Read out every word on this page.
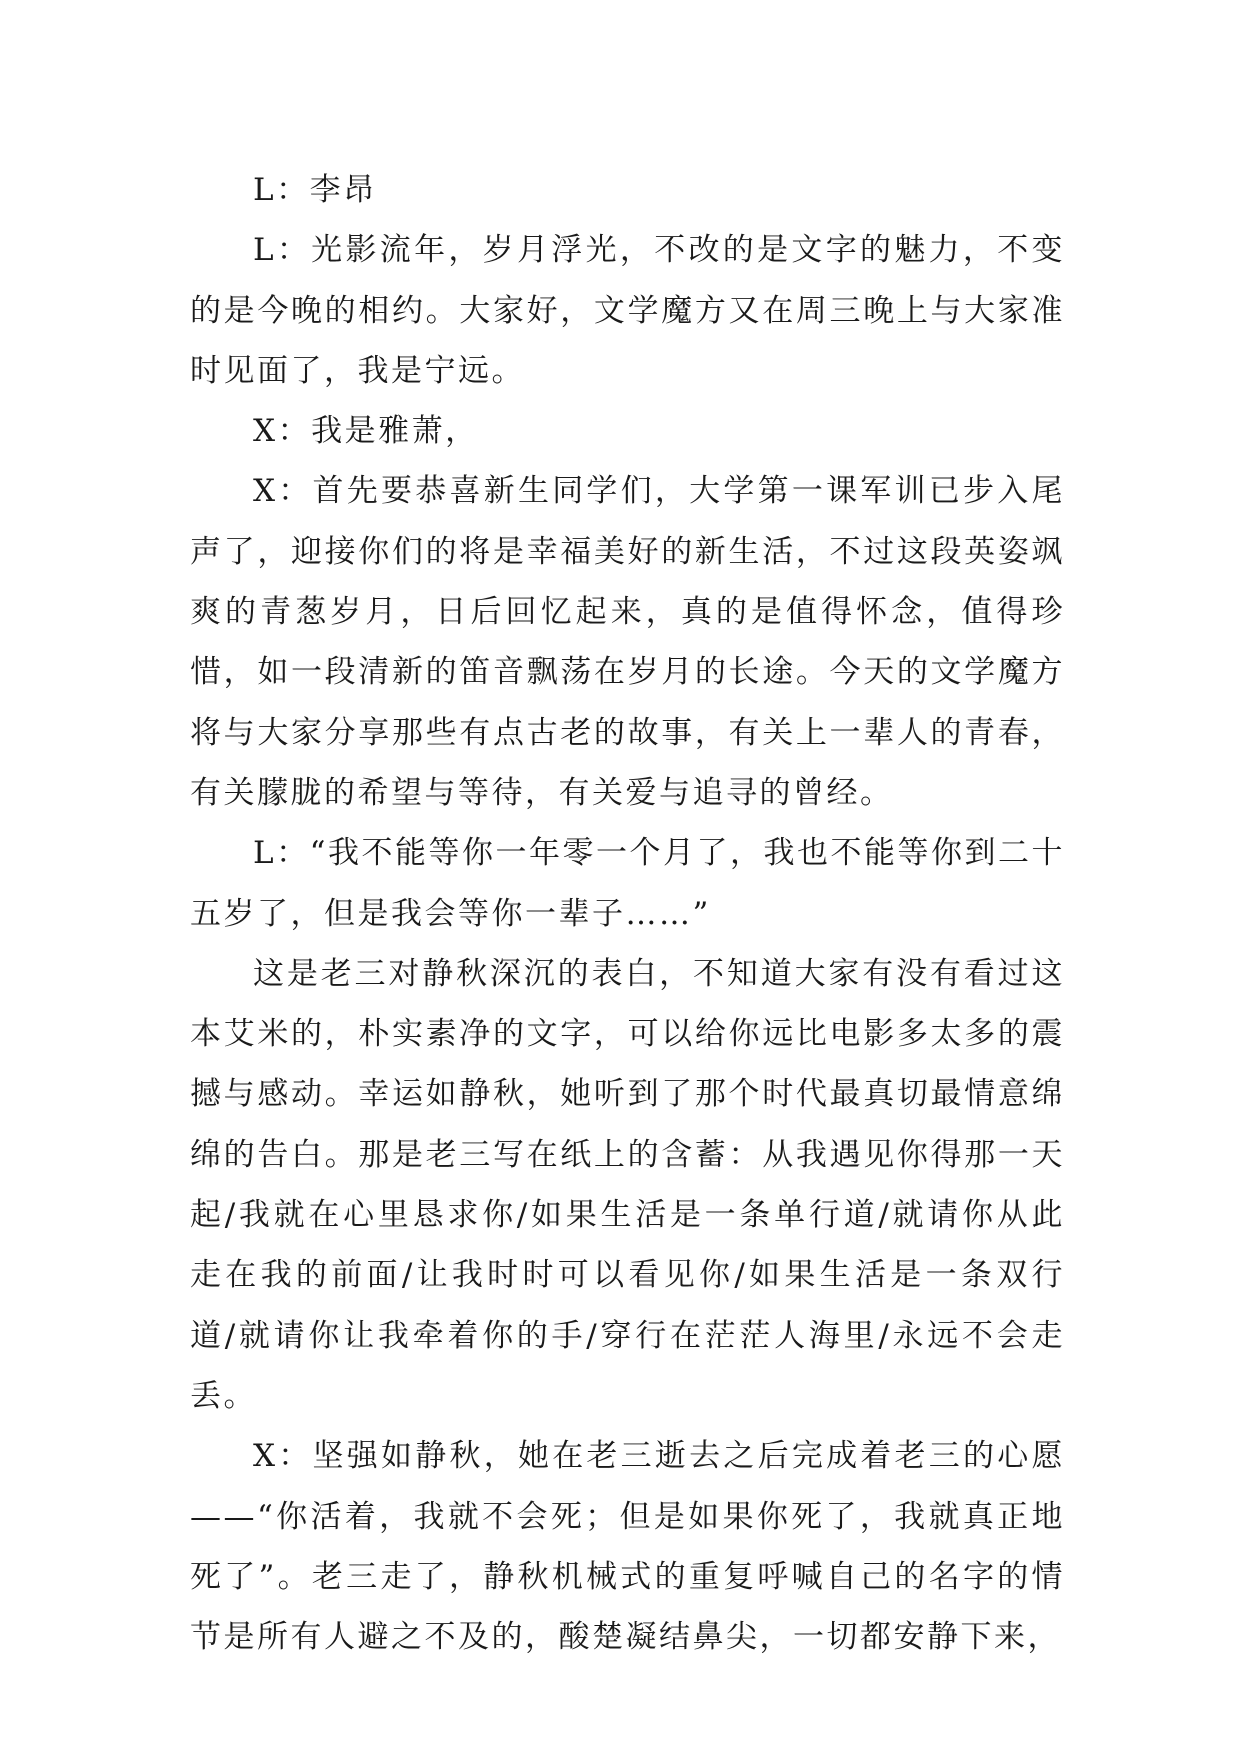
L：李昂

L：光影流年，岁月浮光，不改的是文字的魅力，不变的是今晚的相约。大家好，文学魔方又在周三晚上与大家准时见面了，我是宁远。

X：我是雅萧，

X：首先要恭喜新生同学们，大学第一课军训已步入尾声了，迎接你们的将是幸福美好的新生活，不过这段英姿飒爽的青葱岁月，日后回忆起来，真的是值得怀念，值得珍惜，如一段清新的笛音飘荡在岁月的长途。今天的文学魔方将与大家分享那些有点古老的故事，有关上一辈人的青春，有关朦胧的希望与等待，有关爱与追寻的曾经。

L：“我不能等你一年零一个月了，我也不能等你到二十五岁了，但是我会等你一辈子……”

这是老三对静秋深沉的表白，不知道大家有没有看过这本艾米的，朴实素净的文字，可以给你远比电影多太多的震撼与感动。幸运如静秋，她听到了那个时代最真切最情意绵绵的告白。那是老三写在纸上的含蓄：从我遇见你得那一天起/我就在心里恳求你/如果生活是一条单行道/就请你从此走在我的前面/让我时时可以看见你/如果生活是一条双行道/就请你让我牵着你的手/穿行在茫茫人海里/永远不会走丢。

X：坚强如静秋，她在老三逝去之后完成着老三的心愿——“你活着，我就不会死；但是如果你死了，我就真正地死了”。老三走了，静秋机械式的重复呼喊自己的名字的情节是所有人避之不及的，酸楚凝结鼻尖，一切都安静下来，
